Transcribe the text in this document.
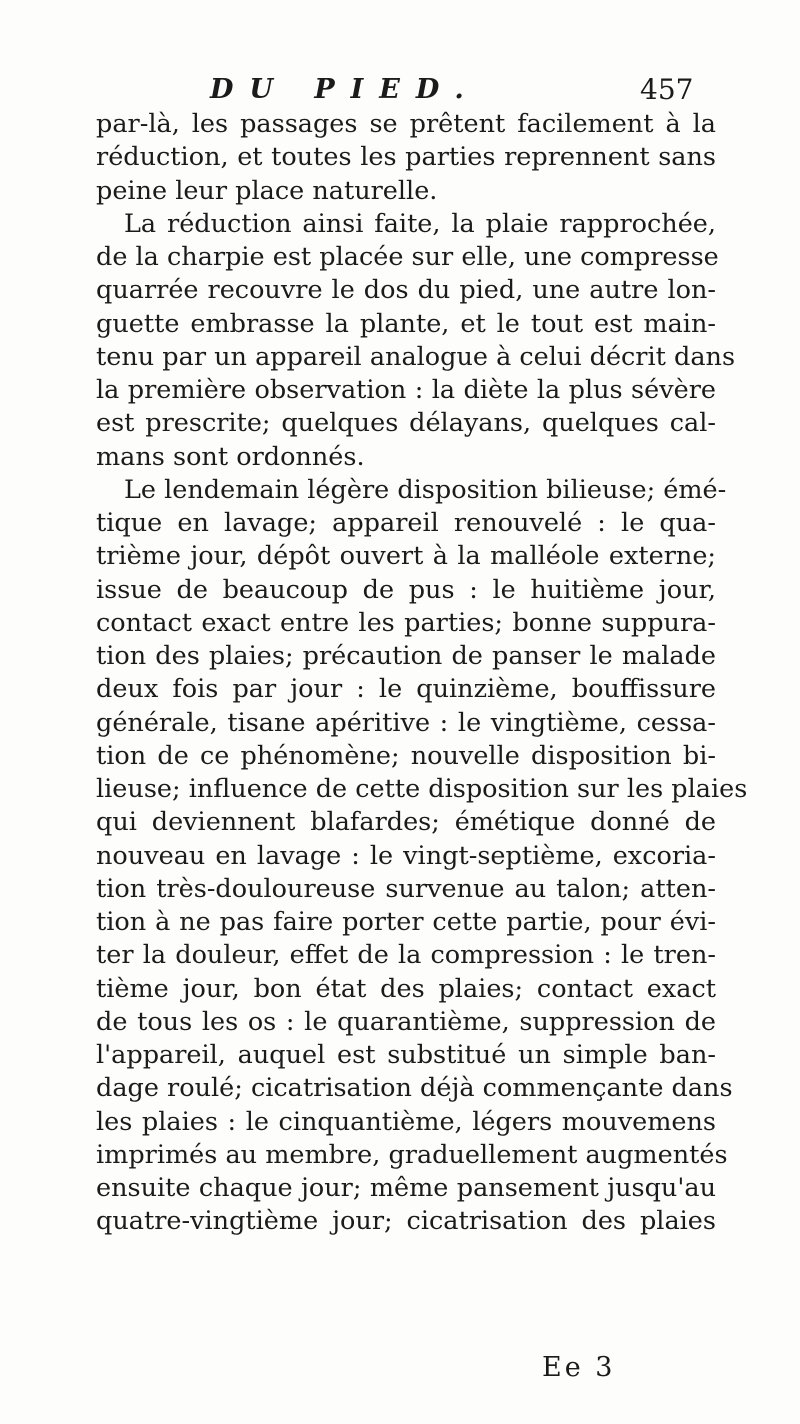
DU PIED.	457
par-là, les passages se prêtent facilement à la
réduction, et toutes les parties reprennent sans
peine leur place naturelle.
La réduction ainsi faite, la plaie rapprochée,
de la charpie est placée sur elle, une compresse
quarrée recouvre le dos du pied, une autre lon-
guette embrasse la plante, et le tout est main-
tenu par un appareil analogue à celui décrit dans
la première observation : la diète la plus sévère
est prescrite; quelques délayans, quelques cal-
mans sont ordonnés.
Le lendemain légère disposition bilieuse; émé-
tique en lavage; appareil renouvelé : le qua-
trième jour, dépôt ouvert à la malléole externe;
issue de beaucoup de pus : le huitième jour,
contact exact entre les parties; bonne suppura-
tion des plaies; précaution de panser le malade
deux fois par jour : le quinzième, bouffissure
générale, tisane apéritive : le vingtième, cessa-
tion de ce phénomène; nouvelle disposition bi-
lieuse; influence de cette disposition sur les plaies
qui deviennent blafardes; émétique donné de
nouveau en lavage : le vingt-septième, excoria-
tion très-douloureuse survenue au talon; atten-
tion à ne pas faire porter cette partie, pour évi-
ter la douleur, effet de la compression : le tren-
tième jour, bon état des plaies; contact exact
de tous les os : le quarantième, suppression de
l'appareil, auquel est substitué un simple ban-
dage roulé; cicatrisation déjà commençante dans
les plaies : le cinquantième, légers mouvemens
imprimés au membre, graduellement augmentés
ensuite chaque jour; même pansement jusqu'au
quatre-vingtième jour; cicatrisation des plaies
Ee 3
